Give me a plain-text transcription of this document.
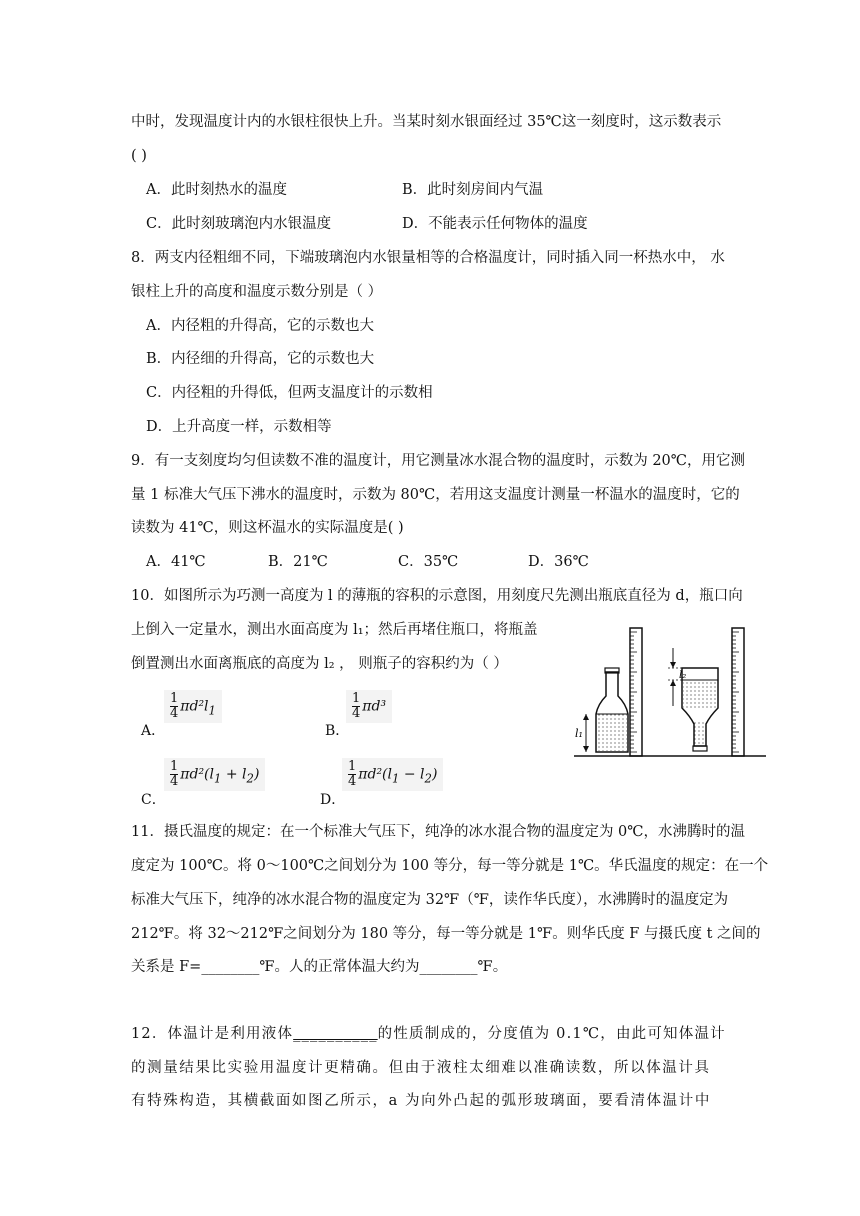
中时，发现温度计内的水银柱很快上升。当某时刻水银面经过 35℃这一刻度时，这示数表示
( )
A．此时刻热水的温度	B．此时刻房间内气温
C．此时刻玻璃泡内水银温度	D．不能表示任何物体的温度
8．两支内径粗细不同，下端玻璃泡内水银量相等的合格温度计，同时插入同一杯热水中， 水
银柱上升的高度和温度示数分别是（ ）
A．内径粗的升得高，它的示数也大
B．内径细的升得高，它的示数也大
C．内径粗的升得低，但两支温度计的示数相
D．上升高度一样，示数相等
9．有一支刻度均匀但读数不准的温度计，用它测量冰水混合物的温度时，示数为 20℃，用它测
量 1 标准大气压下沸水的温度时，示数为 80℃，若用这支温度计测量一杯温水的温度时，它的
读数为 41℃，则这杯温水的实际温度是( )
A．41℃	B．21℃	C．35℃	D．36℃
10．如图所示为巧测一高度为 l 的薄瓶的容积的示意图，用刻度尺先测出瓶底直径为 d，瓶口向
上倒入一定量水，测出水面高度为 l₁；然后再堵住瓶口，将瓶盖
倒置测出水面离瓶底的高度为 l₂ ， 则瓶子的容积约为（ ）
A．
$\frac{1}{4} \pi d^2l_1$
B．
$\frac{1}{4} \pi d^3$
C．
$\frac{1}{4} \pi d^2(l_1 + l_2)$
D．
$\frac{1}{4} \pi d^2(l_1 - l_2)$
l₁
l₂
11．摄氏温度的规定：在一个标准大气压下，纯净的冰水混合物的温度定为 0℃，水沸腾时的温
度定为 100℃。将 0～100℃之间划分为 100 等分，每一等分就是 1℃。华氏温度的规定：在一个
标准大气压下，纯净的冰水混合物的温度定为 32℉（℉，读作华氏度），水沸腾时的温度定为
212℉。将 32～212℉之间划分为 180 等分，每一等分就是 1℉。则华氏度 F 与摄氏度 t 之间的
关系是 F=________℉。人的正常体温大约为________℉。
12．体温计是利用液体__________的性质制成的，分度值为 0.1℃，由此可知体温计
的测量结果比实验用温度计更精确。但由于液柱太细难以准确读数，所以体温计具
有特殊构造，其横截面如图乙所示，a 为向外凸起的弧形玻璃面，要看清体温计中
